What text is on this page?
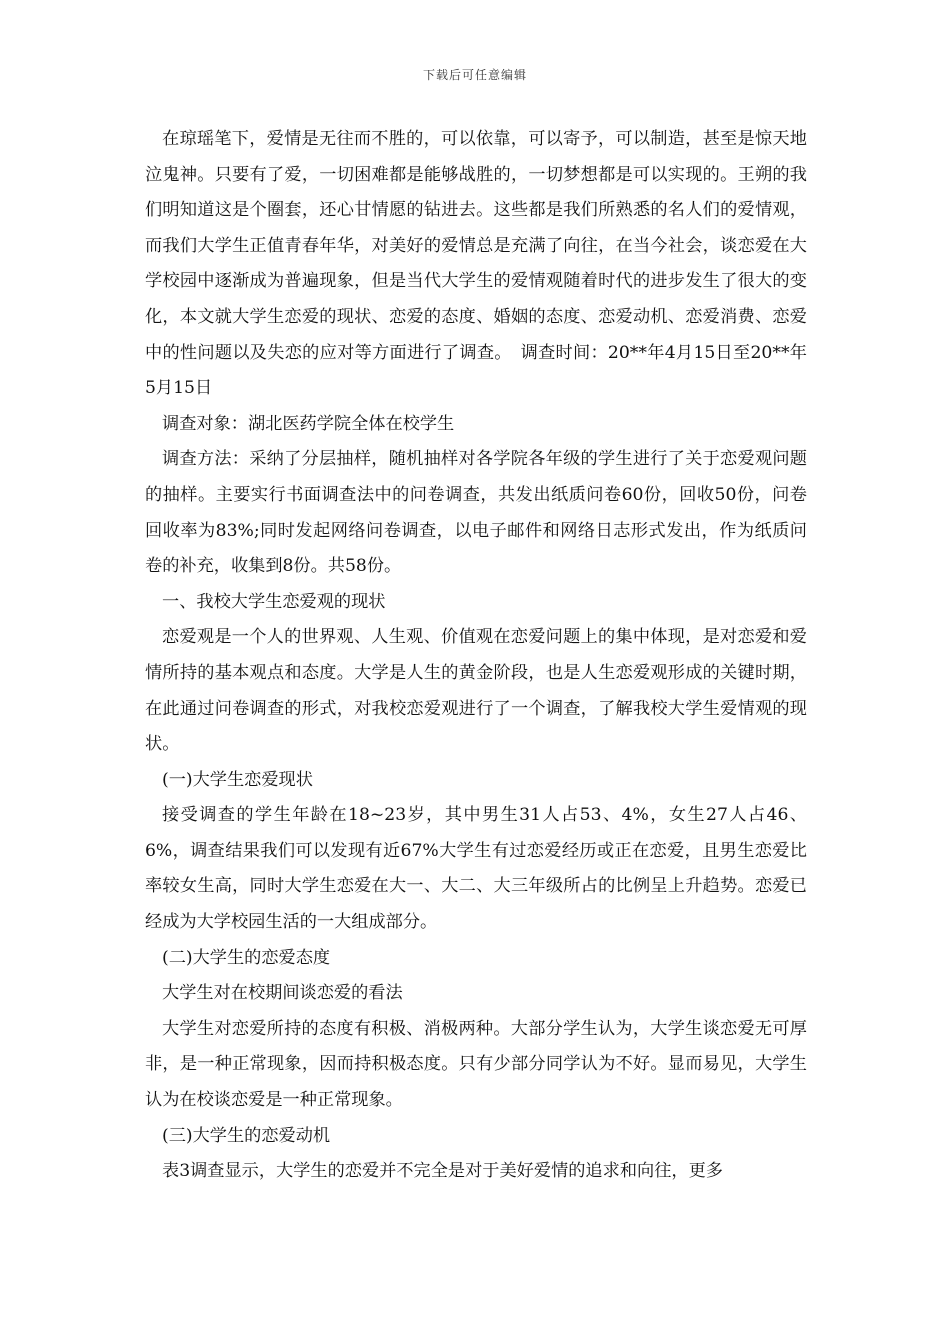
下载后可任意编辑

在琼瑶笔下，爱情是无往而不胜的，可以依靠，可以寄予，可以制造，甚至是惊天地泣鬼神。只要有了爱，一切困难都是能够战胜的，一切梦想都是可以实现的。王朔的我们明知道这是个圈套，还心甘情愿的钻进去。这些都是我们所熟悉的名人们的爱情观，而我们大学生正值青春年华，对美好的爱情总是充满了向往，在当今社会，谈恋爱在大学校园中逐渐成为普遍现象，但是当代大学生的爱情观随着时代的进步发生了很大的变化，本文就大学生恋爱的现状、恋爱的态度、婚姻的态度、恋爱动机、恋爱消费、恋爱中的性问题以及失恋的应对等方面进行了调查。　调查时间：20**年4月15日至20**年5月15日

调查对象：湖北医药学院全体在校学生

调查方法：采纳了分层抽样，随机抽样对各学院各年级的学生进行了关于恋爱观问题的抽样。主要实行书面调查法中的问卷调查，共发出纸质问卷60份，回收50份，问卷回收率为83%;同时发起网络问卷调查，以电子邮件和网络日志形式发出，作为纸质问卷的补充，收集到8份。共58份。

一、我校大学生恋爱观的现状

恋爱观是一个人的世界观、人生观、价值观在恋爱问题上的集中体现，是对恋爱和爱情所持的基本观点和态度。大学是人生的黄金阶段，也是人生恋爱观形成的关键时期，在此通过问卷调查的形式，对我校恋爱观进行了一个调查，了解我校大学生爱情观的现状。

(一)大学生恋爱现状

接受调查的学生年龄在18~23岁，其中男生31人占53、4%，女生27人占46、6%，调查结果我们可以发现有近67%大学生有过恋爱经历或正在恋爱，且男生恋爱比率较女生高，同时大学生恋爱在大一、大二、大三年级所占的比例呈上升趋势。恋爱已经成为大学校园生活的一大组成部分。

(二)大学生的恋爱态度

大学生对在校期间谈恋爱的看法

大学生对恋爱所持的态度有积极、消极两种。大部分学生认为，大学生谈恋爱无可厚非，是一种正常现象，因而持积极态度。只有少部分同学认为不好。显而易见，大学生认为在校谈恋爱是一种正常现象。

(三)大学生的恋爱动机

表3调查显示，大学生的恋爱并不完全是对于美好爱情的追求和向往，更多
